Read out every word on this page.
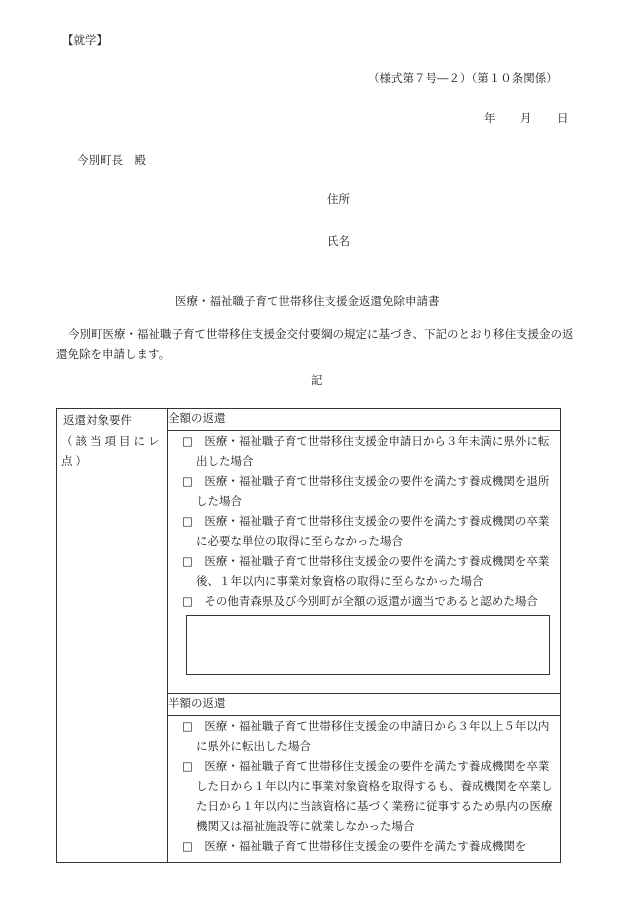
【就学】
（様式第７号―２）（第１０条関係）
年 月 日
今別町長　殿
住所
氏名
医療・福祉職子育て世帯移住支援金返還免除申請書
今別町医療・福祉職子育て世帯移住支援金交付要綱の規定に基づき、下記のとおり移住支援金の返還免除を申請します。
記
返還対象要件
（該当項目にレ点）
	全額の返還

□　医療・福祉職子育て世帯移住支援金申請日から３年未満に県外に転出した場合
□　医療・福祉職子育て世帯移住支援金の要件を満たす養成機関を退所した場合
□　医療・福祉職子育て世帯移住支援金の要件を満たす養成機関の卒業に必要な単位の取得に至らなかった場合
□　医療・福祉職子育て世帯移住支援金の要件を満たす養成機関を卒業後、１年以内に事業対象資格の取得に至らなかった場合
□　その他青森県及び今別町が全額の返還が適当であると認めた場合

半額の返還

□　医療・福祉職子育て世帯移住支援金の申請日から３年以上５年以内に県外に転出した場合
□　医療・福祉職子育て世帯移住支援金の要件を満たす養成機関を卒業した日から１年以内に事業対象資格を取得するも、養成機関を卒業した日から１年以内に当該資格に基づく業務に従事するため県内の医療機関又は福祉施設等に就業しなかった場合
□　医療・福祉職子育て世帯移住支援金の要件を満たす養成機関を
